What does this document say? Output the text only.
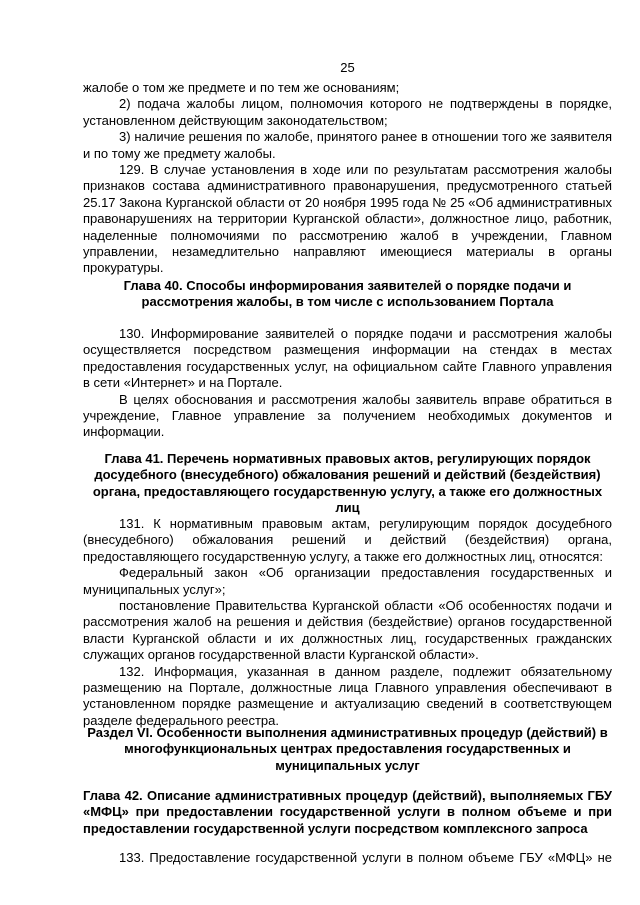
25

жалобе о том же предмете и по тем же основаниям;

2) подача жалобы лицом, полномочия которого не подтверждены в порядке, установленном действующим законодательством;

3) наличие решения по жалобе, принятого ранее в отношении того же заявителя и по тому же предмету жалобы.

129. В случае установления в ходе или по результатам рассмотрения жалобы признаков состава административного правонарушения, предусмотренного статьей 25.17 Закона Курганской области от 20 ноября 1995 года № 25 «Об административных правонарушениях на территории Курганской области», должностное лицо, работник, наделенные полномочиями по рассмотрению жалоб в учреждении, Главном управлении, незамедлительно направляют имеющиеся материалы в органы прокуратуры.

Глава 40. Способы информирования заявителей о порядке подачи и рассмотрения жалобы, в том числе с использованием Портала

130. Информирование заявителей о порядке подачи и рассмотрения жалобы осуществляется посредством размещения информации на стендах в местах предоставления государственных услуг, на официальном сайте Главного управления в сети «Интернет» и на Портале.

В целях обоснования и рассмотрения жалобы заявитель вправе обратиться в учреждение, Главное управление за получением необходимых документов и информации.

Глава 41. Перечень нормативных правовых актов, регулирующих порядок досудебного (внесудебного) обжалования решений и действий (бездействия) органа, предоставляющего государственную услугу, а также его должностных лиц

131. К нормативным правовым актам, регулирующим порядок досудебного (внесудебного) обжалования решений и действий (бездействия) органа, предоставляющего государственную услугу, а также его должностных лиц, относятся:

Федеральный закон «Об организации предоставления государственных и муниципальных услуг»;

постановление Правительства Курганской области «Об особенностях подачи и рассмотрения жалоб на решения и действия (бездействие) органов государственной власти Курганской области и их должностных лиц, государственных гражданских служащих органов государственной власти Курганской области».

132. Информация, указанная в данном разделе, подлежит обязательному размещению на Портале, должностные лица Главного управления обеспечивают в установленном порядке размещение и актуализацию сведений в соответствующем разделе федерального реестра.

Раздел VI. Особенности выполнения административных процедур (действий) в многофункциональных центрах предоставления государственных и муниципальных услуг
Глава 42. Описание административных процедур (действий), выполняемых ГБУ «МФЦ» при предоставлении государственной услуги в полном объеме и при предоставлении государственной услуги посредством комплексного запроса

133. Предоставление государственной услуги в полном объеме ГБУ «МФЦ» не
